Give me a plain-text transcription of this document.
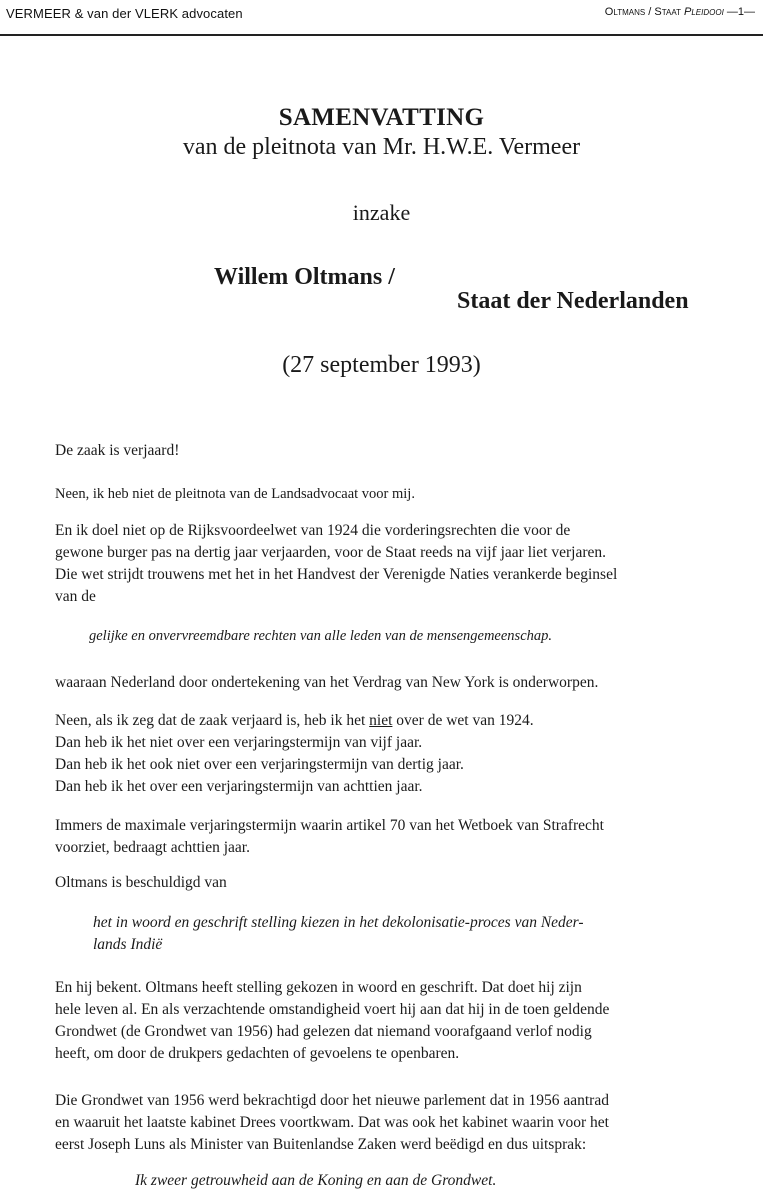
VERMEER & van der VLERK advocaten	Oltmans / Staat Pleidooi —1—
SAMENVATTING
van de pleitnota van Mr. H.W.E. Vermeer
inzake
Willem Oltmans /
Staat der Nederlanden
(27 september 1993)
De zaak is verjaard!
Neen, ik heb niet de pleitnota van de Landsadvocaat voor mij.
En ik doel niet op de Rijksvoordeelwet van 1924 die vorderingsrechten die voor de
gewone burger pas na dertig jaar verjaarden, voor de Staat reeds na vijf jaar liet verjaren.
Die wet strijdt trouwens met het in het Handvest der Verenigde Naties verankerde beginsel
van de
gelijke en onvervreemdbare rechten van alle leden van de mensengemeenschap.
waaraan Nederland door ondertekening van het Verdrag van New York is onderworpen.
Neen, als ik zeg dat de zaak verjaard is, heb ik het niet over de wet van 1924.
Dan heb ik het niet over een verjaringstermijn van vijf jaar.
Dan heb ik het ook niet over een verjaringstermijn van dertig jaar.
Dan heb ik het over een verjaringstermijn van achttien jaar.
Immers de maximale verjaringstermijn waarin artikel 70 van het Wetboek van Strafrecht
voorziet, bedraagt achttien jaar.
Oltmans is beschuldigd van
het in woord en geschrift stelling kiezen in het dekolonisatie-proces van Neder-
lands Indië
En hij bekent. Oltmans heeft stelling gekozen in woord en geschrift. Dat doet hij zijn
hele leven al. En als verzachtende omstandigheid voert hij aan dat hij in de toen geldende
Grondwet (de Grondwet van 1956) had gelezen dat niemand voorafgaand verlof nodig
heeft, om door de drukpers gedachten of gevoelens te openbaren.
Die Grondwet van 1956 werd bekrachtigd door het nieuwe parlement dat in 1956 aantrad
en waaruit het laatste kabinet Drees voortkwam. Dat was ook het kabinet waarin voor het
eerst Joseph Luns als Minister van Buitenlandse Zaken werd beëdigd en dus uitsprak:
Ik zweer getrouwheid aan de Koning en aan de Grondwet.
